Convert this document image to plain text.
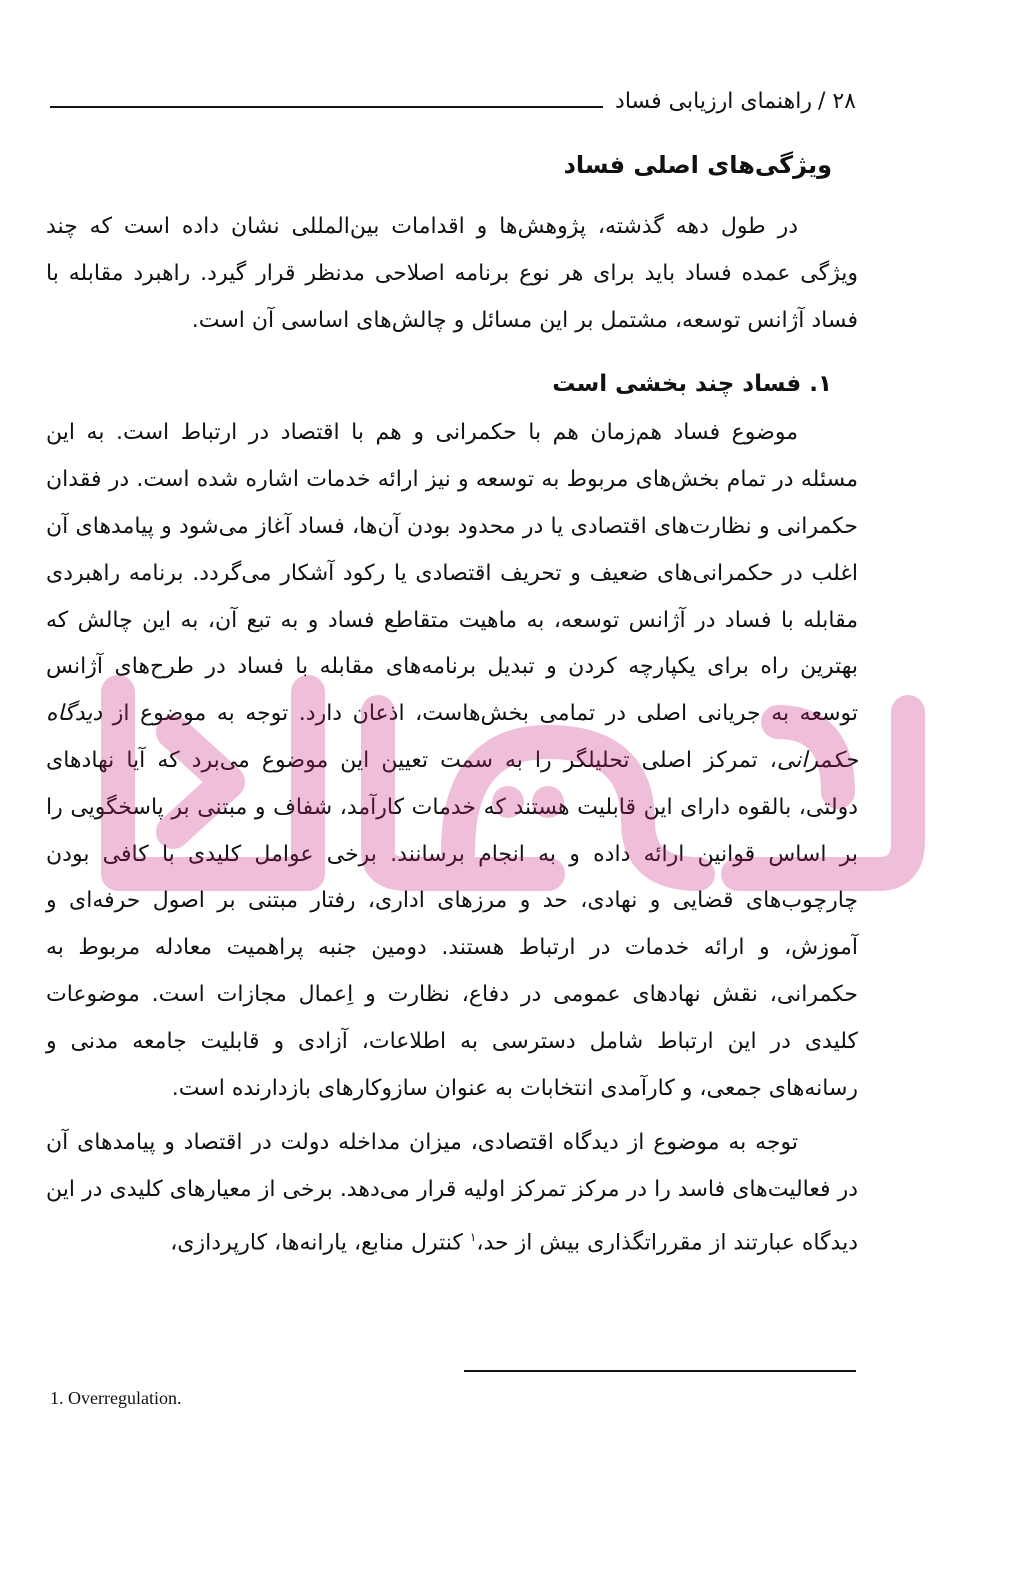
۲۸ /
راهنمای ارزیابی فساد

ویژگی‌های اصلی فساد

در طول دهه گذشته، پژوهش‌ها و اقدامات بین‌المللی نشان داده است که چند ویژگی عمده فساد باید برای هر نوع برنامه اصلاحی مدنظر قرار گیرد. راهبرد مقابله با فساد آژانس توسعه، مشتمل بر این مسائل و چالش‌های اساسی آن است.

۱. فساد چند بخشی است

موضوع فساد هم‌زمان هم با حکمرانی و هم با اقتصاد در ارتباط است. به این مسئله در تمام بخش‌های مربوط به توسعه و نیز ارائه خدمات اشاره شده است. در فقدان حکمرانی و نظارت‌های اقتصادی یا در محدود بودن آن‌ها، فساد آغاز می‌شود و پیامدهای آن اغلب در حکمرانی‌های ضعیف و تحریف اقتصادی یا رکود آشکار می‌گردد. برنامه راهبردی مقابله با فساد در آژانس توسعه، به ماهیت متقاطع فساد و به تبع آن، به این چالش که بهترین راه برای یکپارچه کردن و تبدیل برنامه‌های مقابله با فساد در طرح‌های آژانس توسعه به جریانی اصلی در تمامی بخش‌هاست، اذعان دارد. توجه به موضوع از دیدگاه حکمرانی، تمرکز اصلی تحلیلگر را به سمت تعیین این موضوع می‌برد که آیا نهادهای دولتی، بالقوه دارای این قابلیت هستند که خدمات کارآمد، شفاف و مبتنی بر پاسخگویی را بر اساس قوانین ارائه داده و به انجام برسانند. برخی عوامل کلیدی با کافی بودن چارچوب‌های قضایی و نهادی، حد و مرزهای اداری، رفتار مبتنی بر اصول حرفه‌ای و آموزش، و ارائه خدمات در ارتباط هستند. دومین جنبه پراهمیت معادله مربوط به حکمرانی، نقش نهادهای عمومی در دفاع، نظارت و اِعمال مجازات است. موضوعات کلیدی در این ارتباط شامل دسترسی به اطلاعات، آزادی و قابلیت جامعه مدنی و رسانه‌های جمعی، و کارآمدی انتخابات به عنوان سازوکارهای بازدارنده است.

توجه به موضوع از دیدگاه اقتصادی، میزان مداخله دولت در اقتصاد و پیامدهای آن در فعالیت‌های فاسد را در مرکز تمرکز اولیه قرار می‌دهد. برخی از معیارهای کلیدی در این دیدگاه عبارتند از مقرراتگذاری بیش از حد،$^۱$ کنترل منابع، یارانه‌ها، کارپردازی،

1. Overregulation.
